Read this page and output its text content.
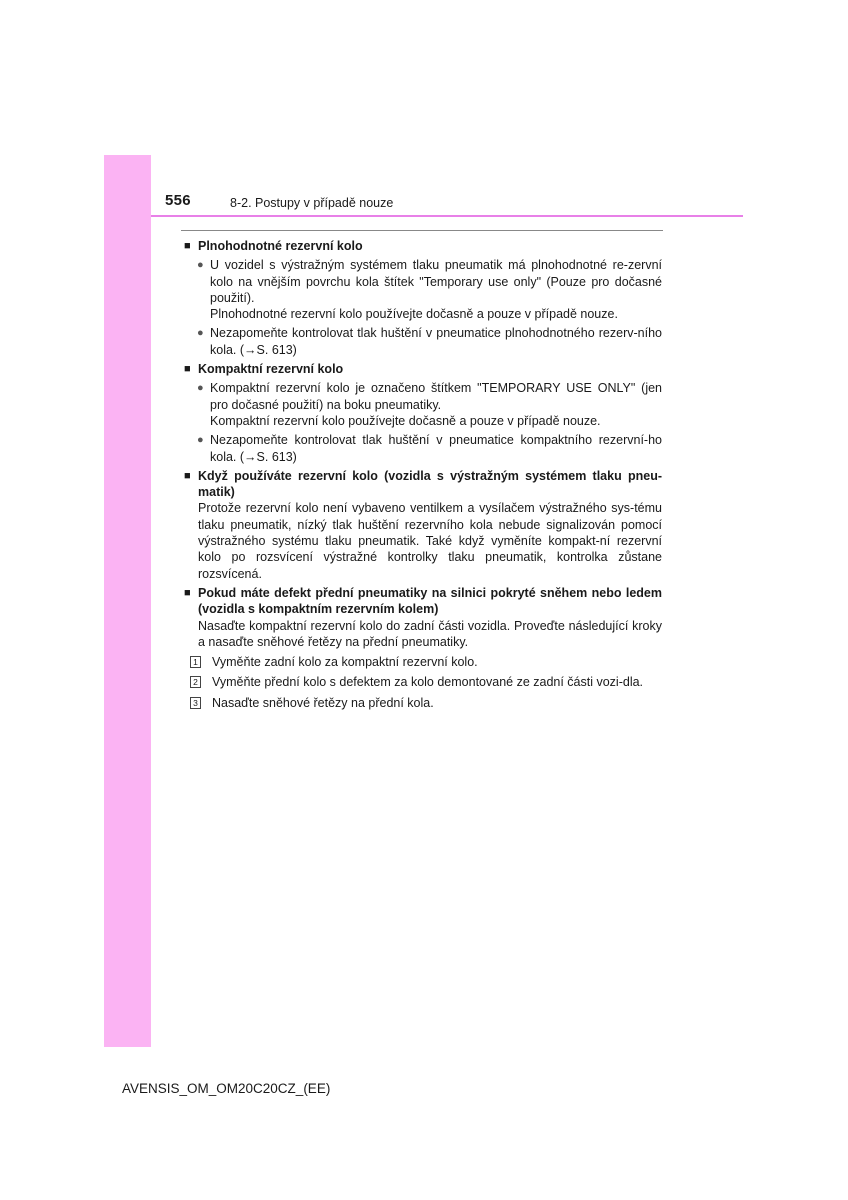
556	8-2. Postupy v případě nouze
■ Plnohodnotné rezervní kolo
● U vozidel s výstražným systémem tlaku pneumatik má plnohodnotné re-zervní kolo na vnějším povrchu kola štítek "Temporary use only" (Pouze pro dočasné použití).
Plnohodnotné rezervní kolo používejte dočasně a pouze v případě nouze.
● Nezapomeňte kontrolovat tlak huštění v pneumatice plnohodnotného rezerv-ního kola. (→S. 613)
■ Kompaktní rezervní kolo
● Kompaktní rezervní kolo je označeno štítkem "TEMPORARY USE ONLY" (jen pro dočasné použití) na boku pneumatiky.
Kompaktní rezervní kolo používejte dočasně a pouze v případě nouze.
● Nezapomeňte kontrolovat tlak huštění v pneumatice kompaktního rezervní-ho kola. (→S. 613)
■ Když používáte rezervní kolo (vozidla s výstražným systémem tlaku pneu-matik)
Protože rezervní kolo není vybaveno ventilkem a vysílačem výstražného sys-tému tlaku pneumatik, nízký tlak huštění rezervního kola nebude signalizován pomocí výstražného systému tlaku pneumatik. Také když vyměníte kompakt-ní rezervní kolo po rozsvícení výstražné kontrolky tlaku pneumatik, kontrolka zůstane rozsvícená.
■ Pokud máte defekt přední pneumatiky na silnici pokryté sněhem nebo ledem (vozidla s kompaktním rezervním kolem)
Nasaďte kompaktní rezervní kolo do zadní části vozidla. Proveďte následující kroky a nasaďte sněhové řetězy na přední pneumatiky.
1 Vyměňte zadní kolo za kompaktní rezervní kolo.
2 Vyměňte přední kolo s defektem za kolo demontované ze zadní části vozi-dla.
3 Nasaďte sněhové řetězy na přední kola.
AVENSIS_OM_OM20C20CZ_(EE)
